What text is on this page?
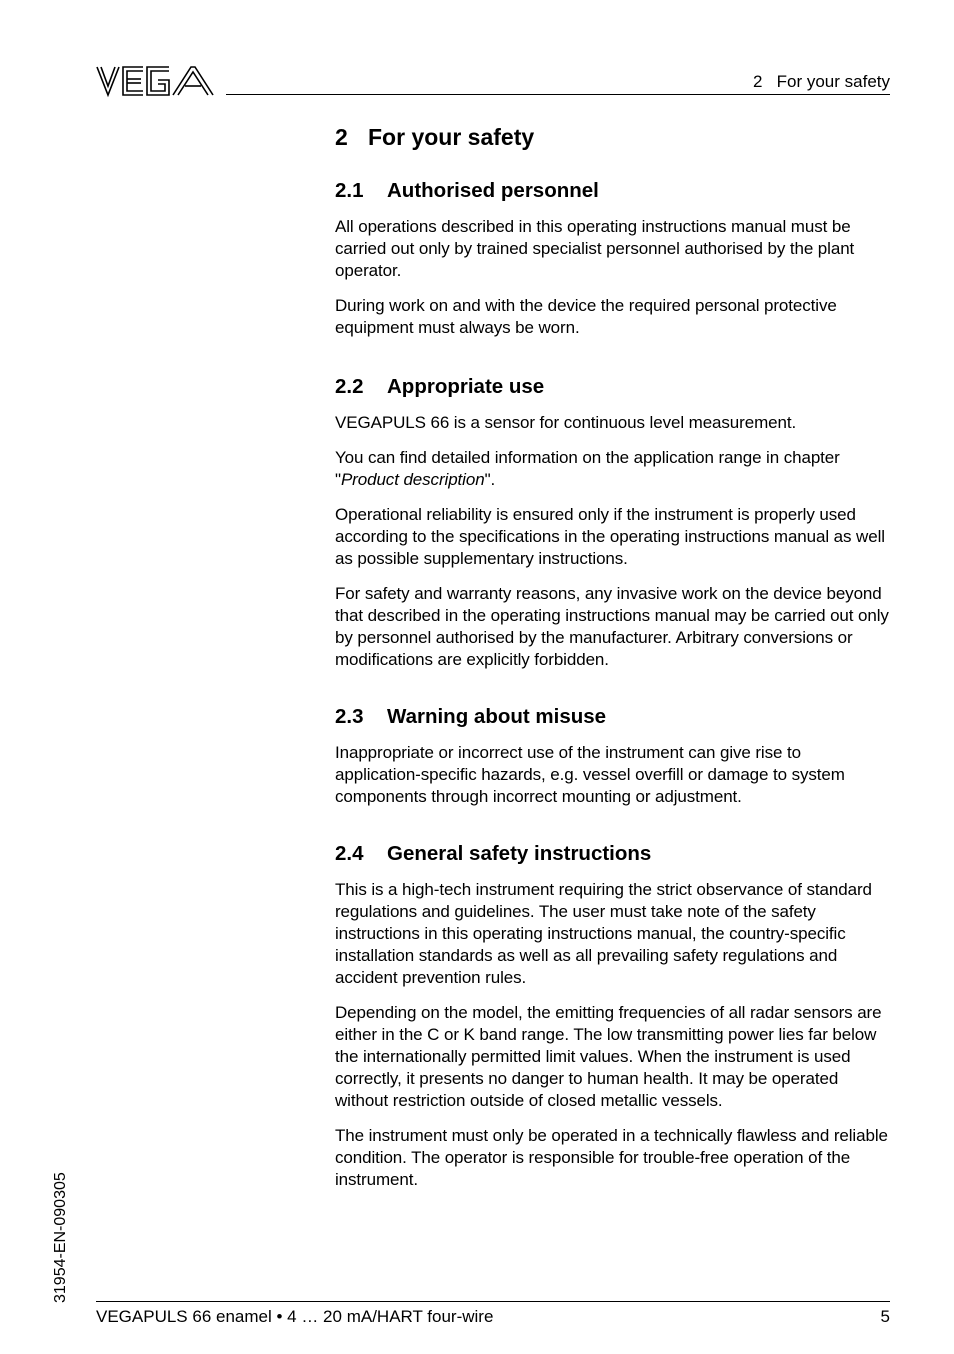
2   For your safety
2 For your safety
2.1 Authorised personnel

All operations described in this operating instructions manual must be carried out only by trained specialist personnel authorised by the plant operator.

During work on and with the device the required personal protective equipment must always be worn.

2.2 Appropriate use

VEGAPULS 66 is a sensor for continuous level measurement.

You can find detailed information on the application range in chapter "Product description".

Operational reliability is ensured only if the instrument is properly used according to the specifications in the operating instructions manual as well as possible supplementary instructions.

For safety and warranty reasons, any invasive work on the device beyond that described in the operating instructions manual may be carried out only by personnel authorised by the manufacturer. Arbitrary conversions or modifications are explicitly forbidden.

2.3 Warning about misuse

Inappropriate or incorrect use of the instrument can give rise to application-specific hazards, e.g. vessel overfill or damage to system components through incorrect mounting or adjustment.

2.4 General safety instructions

This is a high-tech instrument requiring the strict observance of standard regulations and guidelines. The user must take note of the safety instructions in this operating instructions manual, the country-specific installation standards as well as all prevailing safety regulations and accident prevention rules.

Depending on the model, the emitting frequencies of all radar sensors are either in the C or K band range. The low transmitting power lies far below the internationally permitted limit values. When the instrument is used correctly, it presents no danger to human health. It may be operated without restriction outside of closed metallic vessels.

The instrument must only be operated in a technically flawless and reliable condition. The operator is responsible for trouble-free operation of the instrument.

31954-EN-090305
VEGAPULS 66 enamel • 4 … 20 mA/HART four-wire	5
